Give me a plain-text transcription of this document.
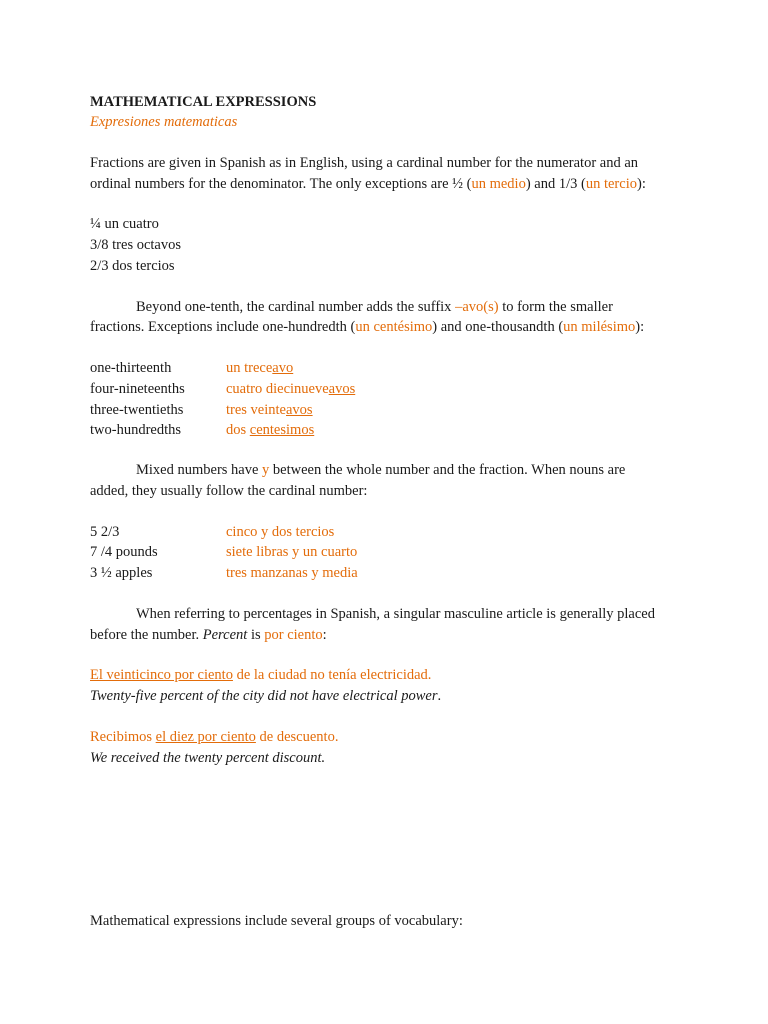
MATHEMATICAL EXPRESSIONS
Expresiones matematicas
Fractions are given in Spanish as in English, using a cardinal number for the numerator and an
ordinal numbers for the denominator. The only exceptions are ½ (un medio) and 1/3 (un tercio):
¼ un cuatro
3/8 tres octavos
2/3 dos tercios
Beyond one-tenth, the cardinal number adds the suffix –avo(s) to form the smaller
fractions. Exceptions include one-hundredth (un centésimo) and one-thousandth (un milésimo):
one-thirteenth	un treceavo
four-nineteenths	cuatro diecinueveavos
three-twentieths	tres veinteavos
two-hundredths	dos centesimos
Mixed numbers have y between the whole number and the fraction. When nouns are
added, they usually follow the cardinal number:
5 2/3	cinco y dos tercios
7 /4 pounds	siete libras y un cuarto
3 ½ apples	tres manzanas y media
When referring to percentages in Spanish, a singular masculine article is generally placed
before the number. Percent is por ciento:
El veinticinco por ciento de la ciudad no tenía electricidad.
Twenty-five percent of the city did not have electrical power.
Recibimos el diez por ciento de descuento.
We received the twenty percent discount.
Mathematical expressions include several groups of vocabulary:
